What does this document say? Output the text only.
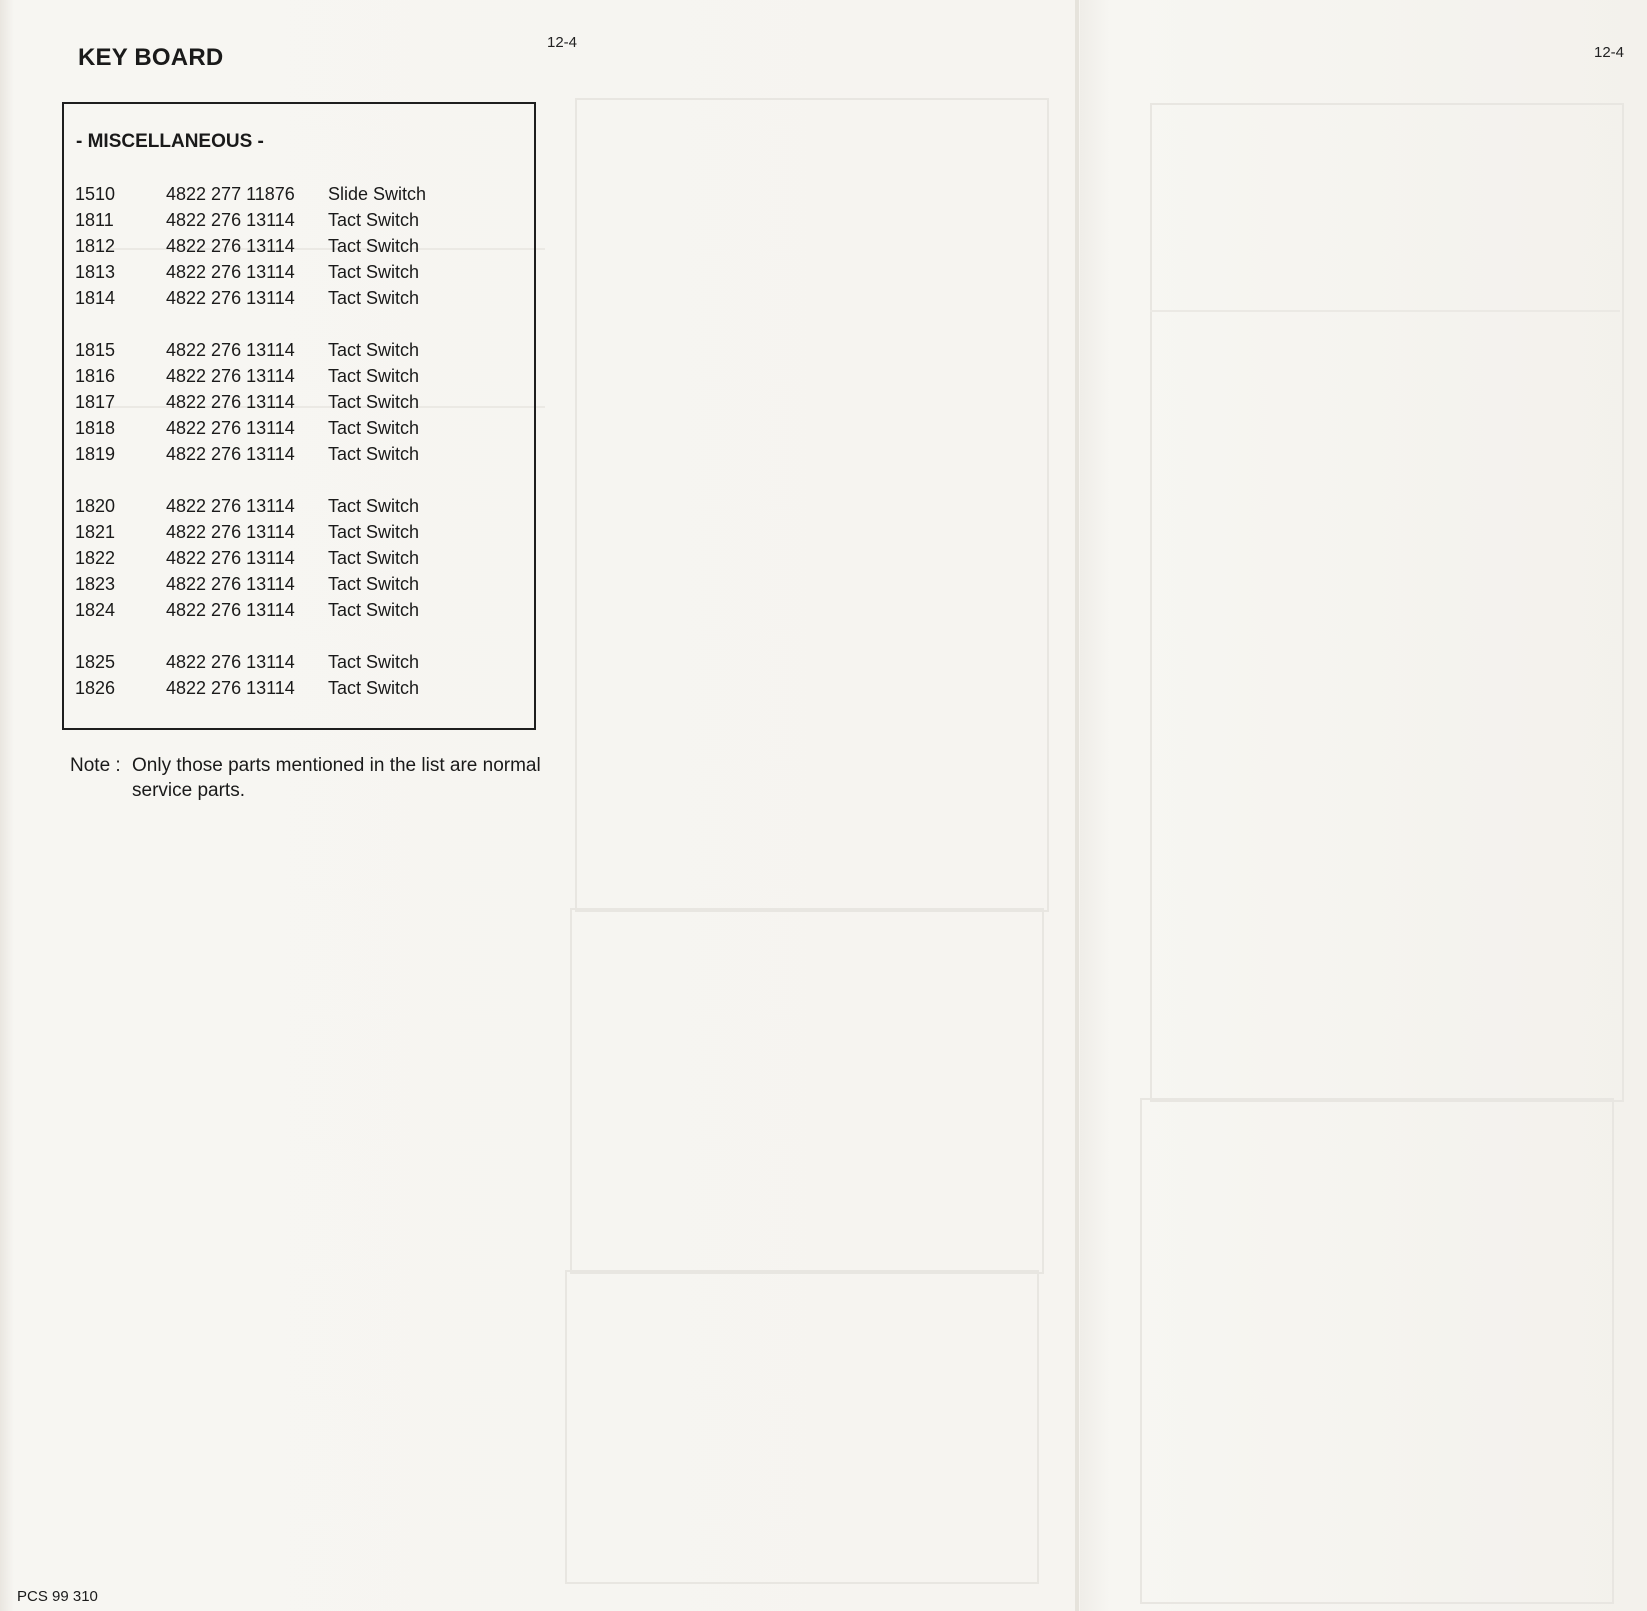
12-4
12-4
KEY BOARD
- MISCELLANEOUS -
1510	4822 277 11876 Slide Switch
1811	4822 276 13114 Tact Switch
1812	4822 276 13114 Tact Switch
1813	4822 276 13114 Tact Switch
1814	4822 276 13114 Tact Switch
1815	4822 276 13114 Tact Switch
1816	4822 276 13114 Tact Switch
1817	4822 276 13114 Tact Switch
1818	4822 276 13114 Tact Switch
1819	4822 276 13114 Tact Switch
1820	4822 276 13114 Tact Switch
1821	4822 276 13114 Tact Switch
1822	4822 276 13114 Tact Switch
1823	4822 276 13114 Tact Switch
1824	4822 276 13114 Tact Switch
1825	4822 276 13114 Tact Switch
1826	4822 276 13114 Tact Switch
Note : Only those parts mentioned in the list are normal service parts.
PCS 99 310
